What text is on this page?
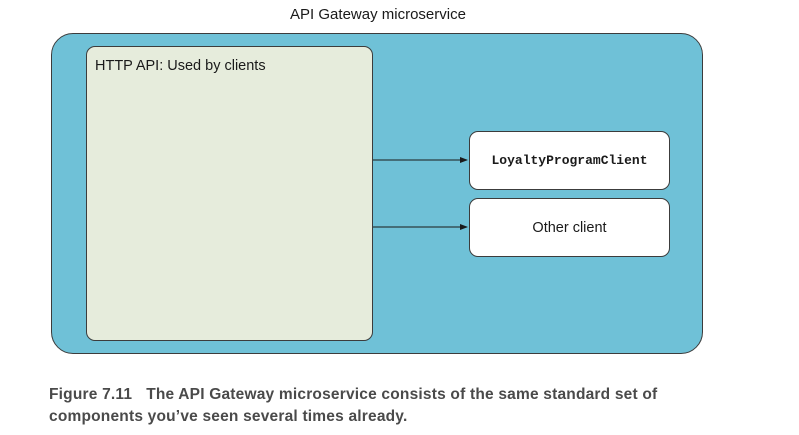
API Gateway microservice
HTTP API: Used by clients
LoyaltyProgramClient
Other client
Figure 7.11 The API Gateway microservice consists of the same standard set of
components you’ve seen several times already.
